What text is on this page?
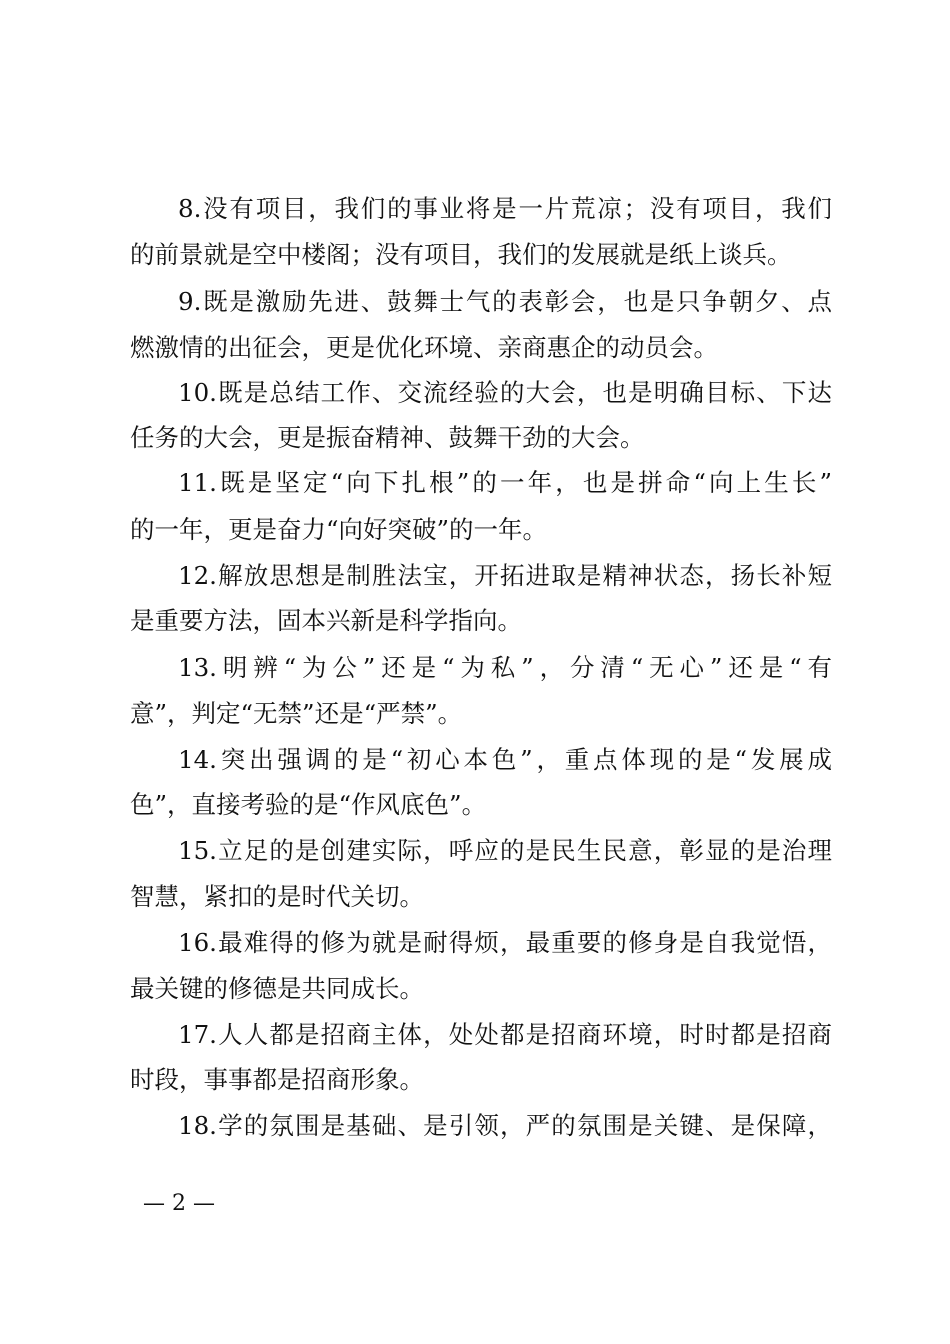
8.没有项目，我们的事业将是一片荒凉；没有项目，我们
的前景就是空中楼阁；没有项目，我们的发展就是纸上谈兵。
9.既是激励先进、鼓舞士气的表彰会，也是只争朝夕、点
燃激情的出征会，更是优化环境、亲商惠企的动员会。
10.既是总结工作、交流经验的大会，也是明确目标、下达
任务的大会，更是振奋精神、鼓舞干劲的大会。
11.既是坚定“向下扎根”的一年，也是拼命“向上生长”
的一年，更是奋力“向好突破”的一年。
12.解放思想是制胜法宝，开拓进取是精神状态，扬长补短
是重要方法，固本兴新是科学指向。
13.明辨“为公”还是“为私”，分清“无心”还是“有
意”，判定“无禁”还是“严禁”。
14.突出强调的是“初心本色”，重点体现的是“发展成
色”，直接考验的是“作风底色”。
15.立足的是创建实际，呼应的是民生民意，彰显的是治理
智慧，紧扣的是时代关切。
16.最难得的修为就是耐得烦，最重要的修身是自我觉悟，
最关键的修德是共同成长。
17.人人都是招商主体，处处都是招商环境，时时都是招商
时段，事事都是招商形象。
18.学的氛围是基础、是引领，严的氛围是关键、是保障，
— 2 —
